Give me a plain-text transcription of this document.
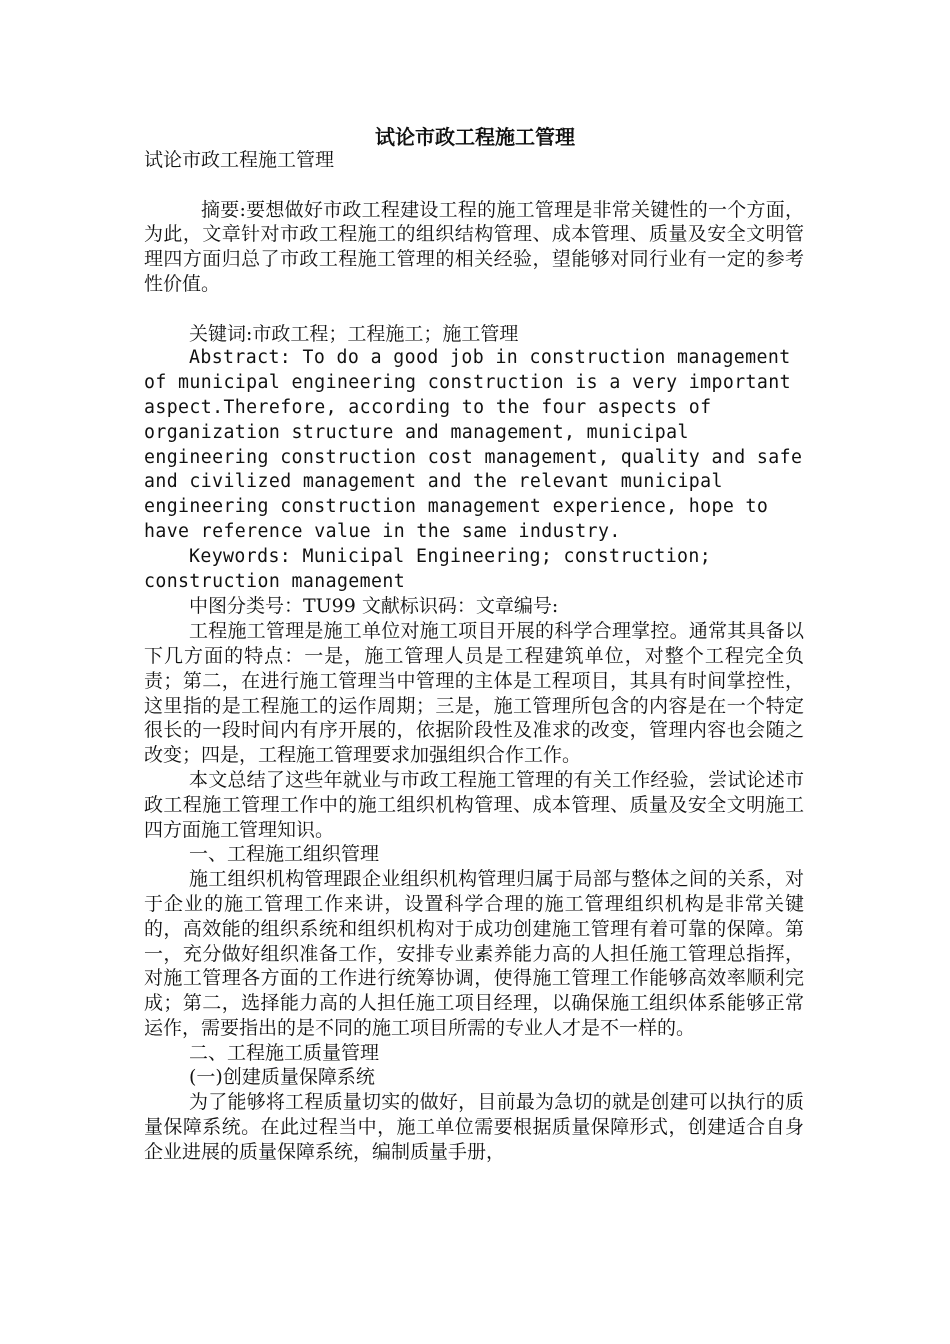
试论市政工程施工管理

试论市政工程施工管理

摘要:要想做好市政工程建设工程的施工管理是非常关键性的一个方面，为此，文章针对市政工程施工的组织结构管理、成本管理、质量及安全文明管理四方面归总了市政工程施工管理的相关经验，望能够对同行业有一定的参考性价值。

关键词:市政工程；工程施工；施工管理

Abstract: To do a good job in construction management of municipal engineering construction is a very important aspect.Therefore, according to the four aspects of organization structure and management, municipal engineering construction cost management, quality and safe and civilized management and the relevant municipal engineering construction management experience, hope to have reference value in the same industry.

Keywords: Municipal Engineering; construction; construction management

中图分类号：TU99 文献标识码：文章编号:

工程施工管理是施工单位对施工项目开展的科学合理掌控。通常其具备以下几方面的特点：一是，施工管理人员是工程建筑单位，对整个工程完全负责；第二，在进行施工管理当中管理的主体是工程项目，其具有时间掌控性，这里指的是工程施工的运作周期；三是，施工管理所包含的内容是在一个特定很长的一段时间内有序开展的，依据阶段性及准求的改变，管理内容也会随之改变；四是，工程施工管理要求加强组织合作工作。

本文总结了这些年就业与市政工程施工管理的有关工作经验，尝试论述市政工程施工管理工作中的施工组织机构管理、成本管理、质量及安全文明施工四方面施工管理知识。

一、工程施工组织管理

施工组织机构管理跟企业组织机构管理归属于局部与整体之间的关系，对于企业的施工管理工作来讲，设置科学合理的施工管理组织机构是非常关键的，高效能的组织系统和组织机构对于成功创建施工管理有着可靠的保障。第一，充分做好组织准备工作，安排专业素养能力高的人担任施工管理总指挥，对施工管理各方面的工作进行统筹协调，使得施工管理工作能够高效率顺利完成；第二，选择能力高的人担任施工项目经理，以确保施工组织体系能够正常运作，需要指出的是不同的施工项目所需的专业人才是不一样的。

二、工程施工质量管理

(一)创建质量保障系统

为了能够将工程质量切实的做好，目前最为急切的就是创建可以执行的质量保障系统。在此过程当中，施工单位需要根据质量保障形式，创建适合自身企业进展的质量保障系统，编制质量手册，
